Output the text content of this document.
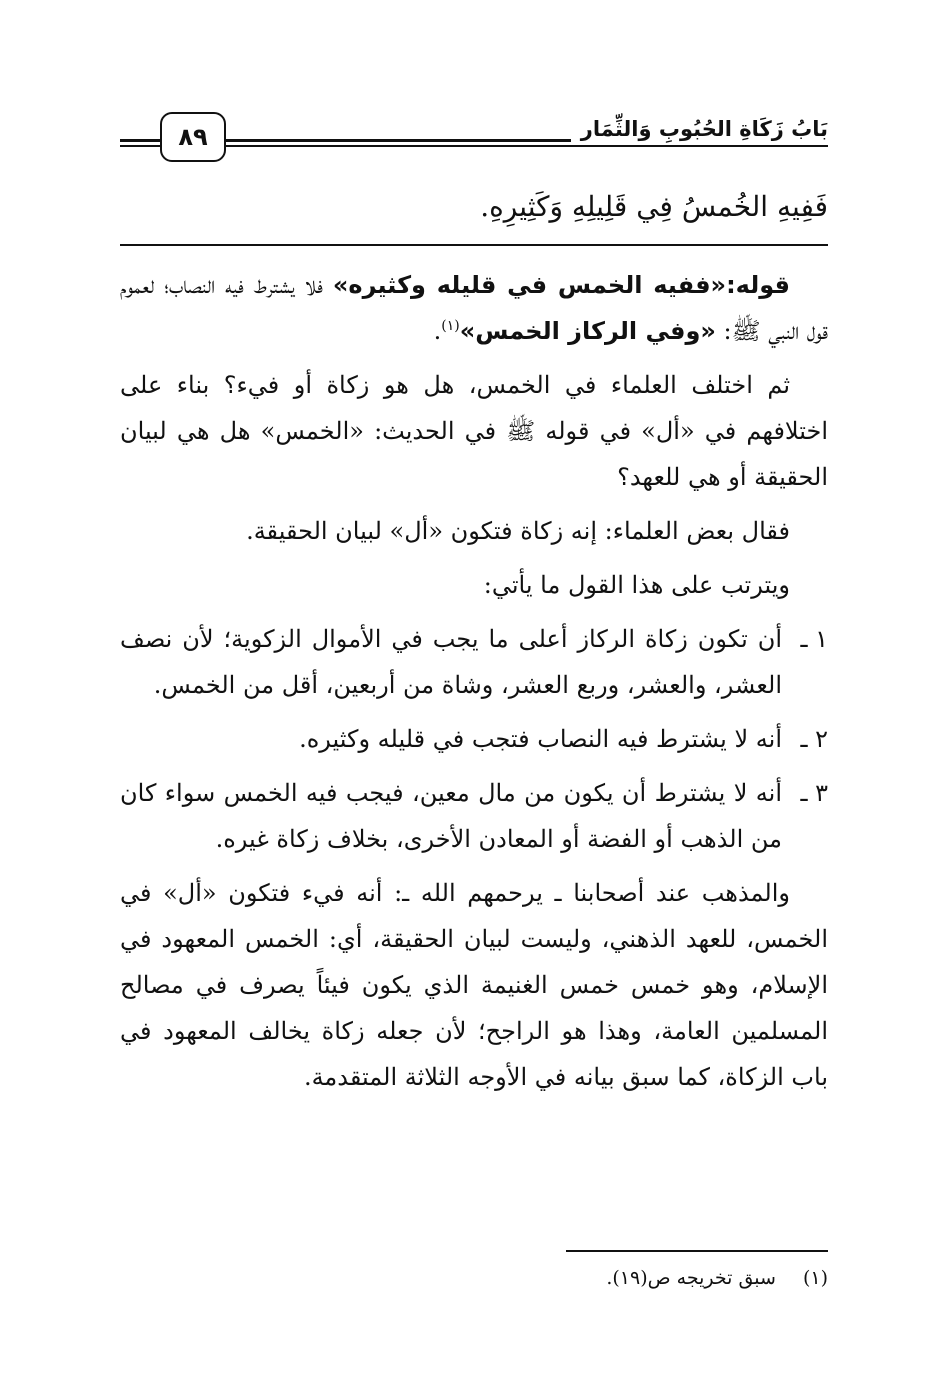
بَابُ زَكَاةِ الحُبُوبِ وَالثِّمَار
٨٩

فَفِيهِ الخُمسُ فِي قَلِيلِهِ وَكَثِيرِهِ.

قوله:«ففيه الخمس في قليله وكثيره» فلا يشترط فيه النصاب؛ لعموم قول النبي ﷺ: «وفي الركاز الخمس»$^{(١)}$.

ثم اختلف العلماء في الخمس، هل هو زكاة أو فيء؟ بناء على اختلافهم في «أل» في قوله ﷺ في الحديث: «الخمس» هل هي لبيان الحقيقة أو هي للعهد؟

فقال بعض العلماء: إنه زكاة فتكون «أل» لبيان الحقيقة.

ويترتب على هذا القول ما يأتي:

١ ـ
أن تكون زكاة الركاز أعلى ما يجب في الأموال الزكوية؛ لأن نصف العشر، والعشر، وربع العشر، وشاة من أربعين، أقل من الخمس.
٢ ـ
أنه لا يشترط فيه النصاب فتجب في قليله وكثيره.
٣ ـ
أنه لا يشترط أن يكون من مال معين، فيجب فيه الخمس سواء كان من الذهب أو الفضة أو المعادن الأخرى، بخلاف زكاة غيره.

والمذهب عند أصحابنا ـ يرحمهم الله ـ: أنه فيء فتكون «أل» في الخمس، للعهد الذهني، وليست لبيان الحقيقة، أي: الخمس المعهود في الإسلام، وهو خمس خمس الغنيمة الذي يكون فيئاً يصرف في مصالح المسلمين العامة، وهذا هو الراجح؛ لأن جعله زكاة يخالف المعهود في باب الزكاة، كما سبق بيانه في الأوجه الثلاثة المتقدمة.

(١) سبق تخريجه ص(١٩).
